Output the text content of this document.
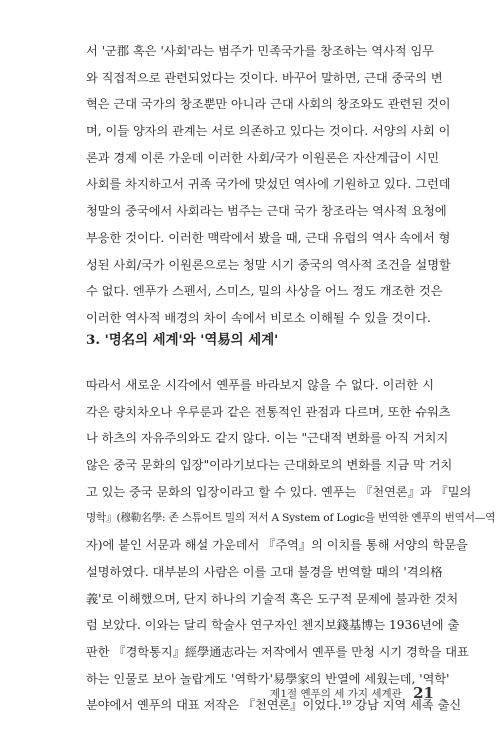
서 '군郡 혹은 '사회'라는 범주가 민족국가를 창조하는 역사적 임무
와 직접적으로 관련되었다는 것이다. 바꾸어 말하면, 근대 중국의 변
혁은 근대 국가의 창조뿐만 아니라 근대 사회의 창조와도 관련된 것이
며, 이들 양자의 관계는 서로 의존하고 있다는 것이다. 서양의 사회 이
론과 경제 이론 가운데 이러한 사회/국가 이원론은 자산계급이 시민
사회를 차지하고서 귀족 국가에 맞섰던 역사에 기원하고 있다. 그런데
청말의 중국에서 사회라는 범주는 근대 국가 창조라는 역사적 요청에
부응한 것이다. 이러한 맥락에서 봤을 때, 근대 유럽의 역사 속에서 형
성된 사회/국가 이원론으로는 청말 시기 중국의 역사적 조건을 설명할
수 없다. 엔푸가 스펜서, 스미스, 밀의 사상을 어느 정도 개조한 것은
이러한 역사적 배경의 차이 속에서 비로소 이해될 수 있을 것이다.
3. '명名의 세계'와 '역易의 세계'
따라서 새로운 시각에서 옌푸를 바라보지 않을 수 없다. 이러한 시
각은 량치차오나 우루룬과 같은 전통적인 관점과 다르며, 또한 슈워츠
나 하츠의 자유주의와도 같지 않다. 이는 "근대적 변화를 아직 거치지
않은 중국 문화의 입장"이라기보다는 근대화로의 변화를 지금 막 거치
고 있는 중국 문화의 입장이라고 할 수 있다. 옌푸는 『천연론』과 『밀의
명학』(穆勒名學: 존 스튜어트 밀의 저서 A System of Logic을 번역한 옌푸의 번역서—역
자)에 붙인 서문과 해설 가운데서 『주역』의 이치를 통해 서양의 학문을
설명하였다. 대부분의 사람은 이를 고대 불경을 번역할 때의 '격의格
義'로 이해했으며, 단지 하나의 기술적 혹은 도구적 문제에 불과한 것처
럼 보았다. 이와는 달리 학술사 연구자인 첸지보錢基博는 1936년에 출
판한 『경학통지』經學通志라는 저작에서 옌푸를 만청 시기 경학을 대표
하는 인물로 보아 놀랍게도 '역학가'易學家의 반열에 세웠는데, '역학'
분야에서 옌푸의 대표 저작은 『천연론』이었다.¹⁹ 강남 지역 세족 출신
제1절 옌푸의 세 가지 세계관 21
